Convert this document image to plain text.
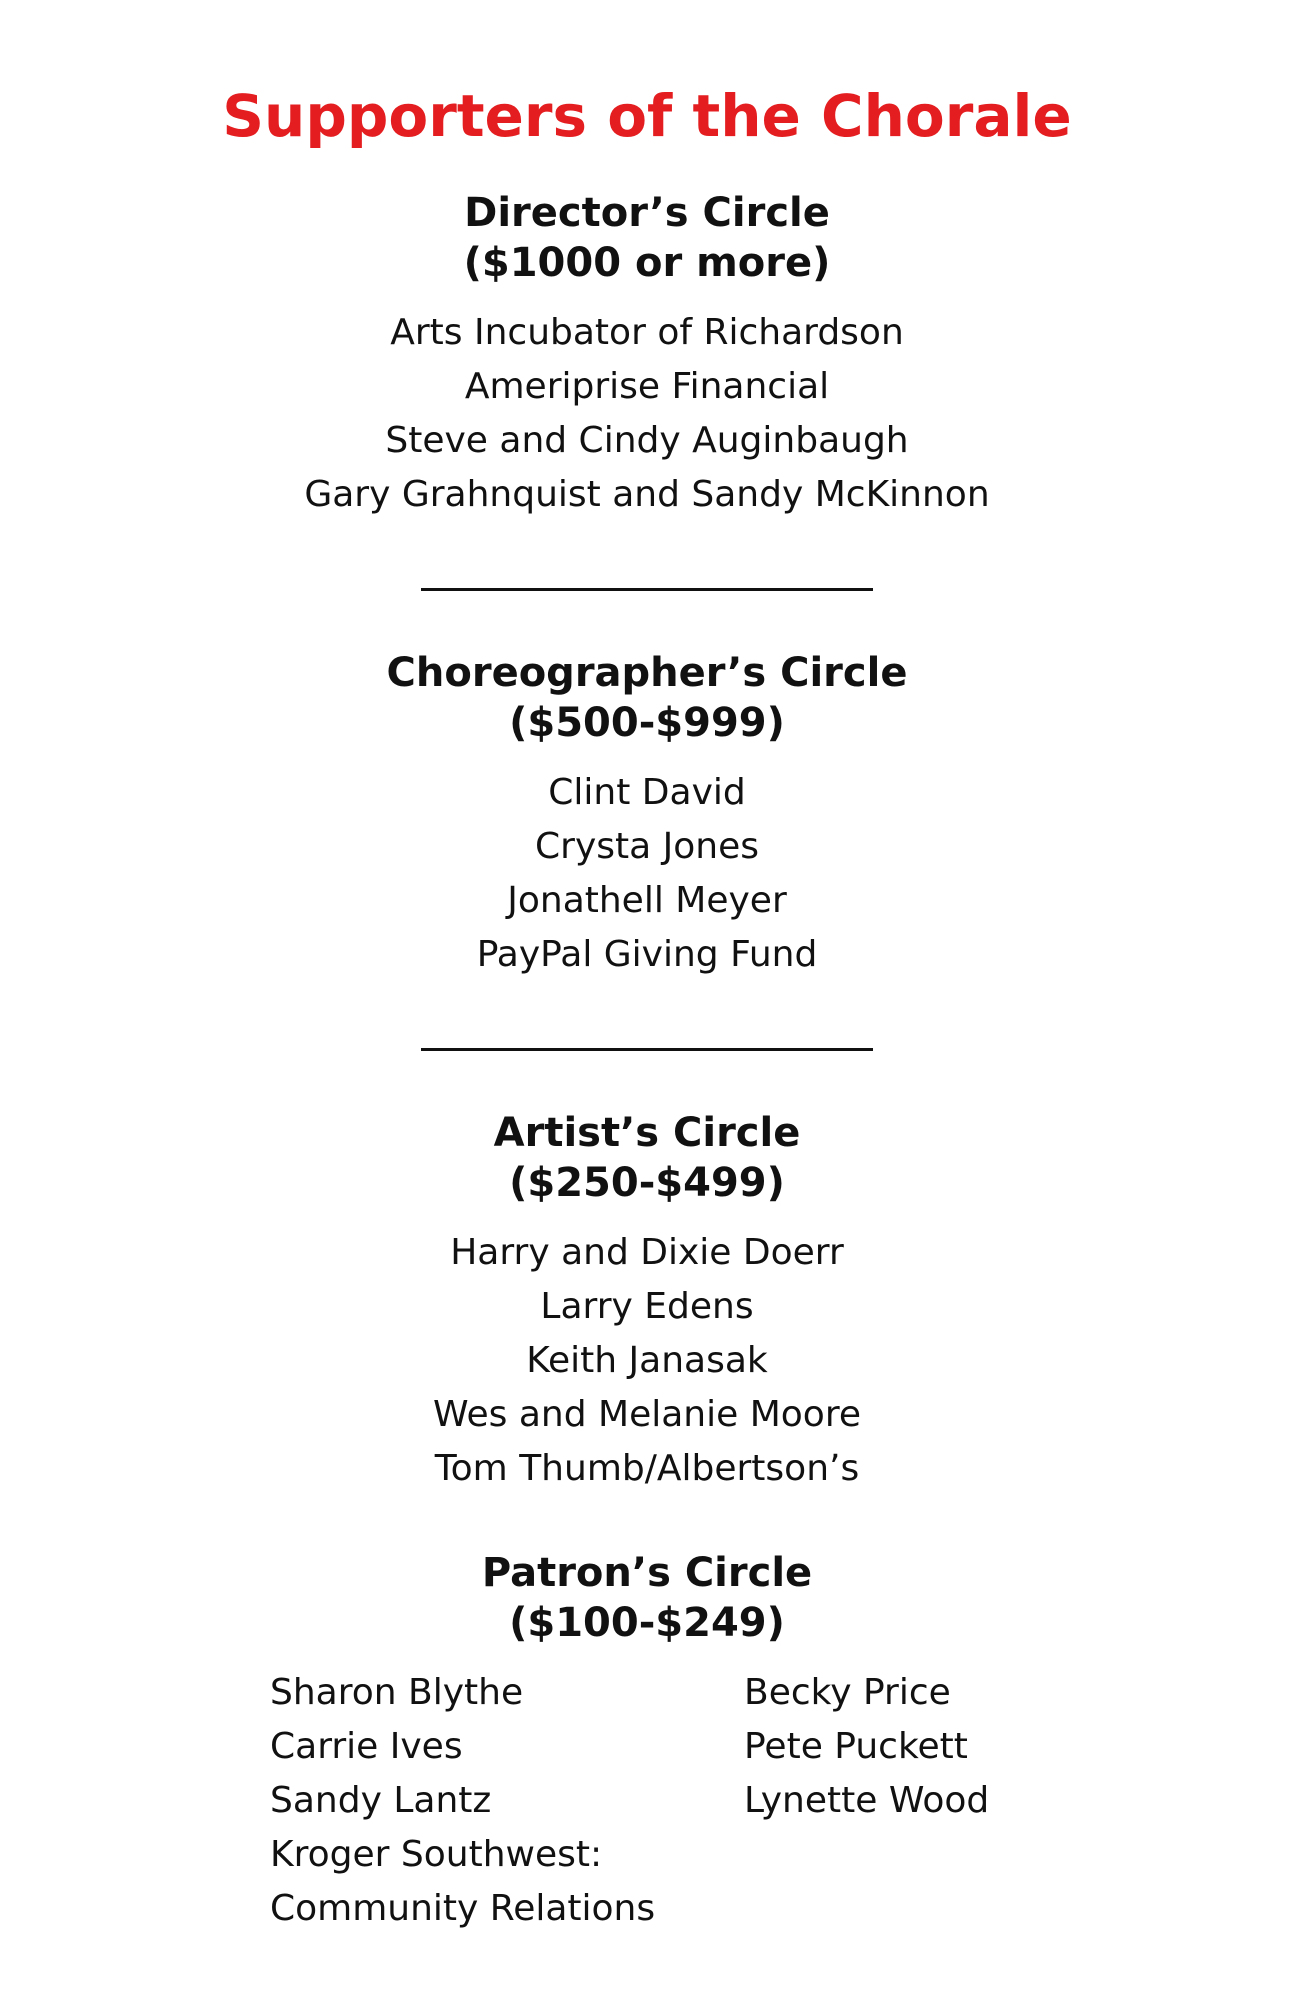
Supporters of the Chorale
Director’s Circle

($1000 or more)

Arts Incubator of Richardson
Ameriprise Financial
Steve and Cindy Auginbaugh
Gary Grahnquist and Sandy McKinnon
Choreographer’s Circle

($500-$999)

Clint David
Crysta Jones
Jonathell Meyer
PayPal Giving Fund
Artist’s Circle

($250-$499)

Harry and Dixie Doerr
Larry Edens
Keith Janasak
Wes and Melanie Moore
Tom Thumb/Albertson’s
Patron’s Circle

($100-$249)

Sharon Blythe
Carrie Ives
Sandy Lantz
Kroger Southwest:
Community Relations
Becky Price
Pete Puckett
Lynette Wood
